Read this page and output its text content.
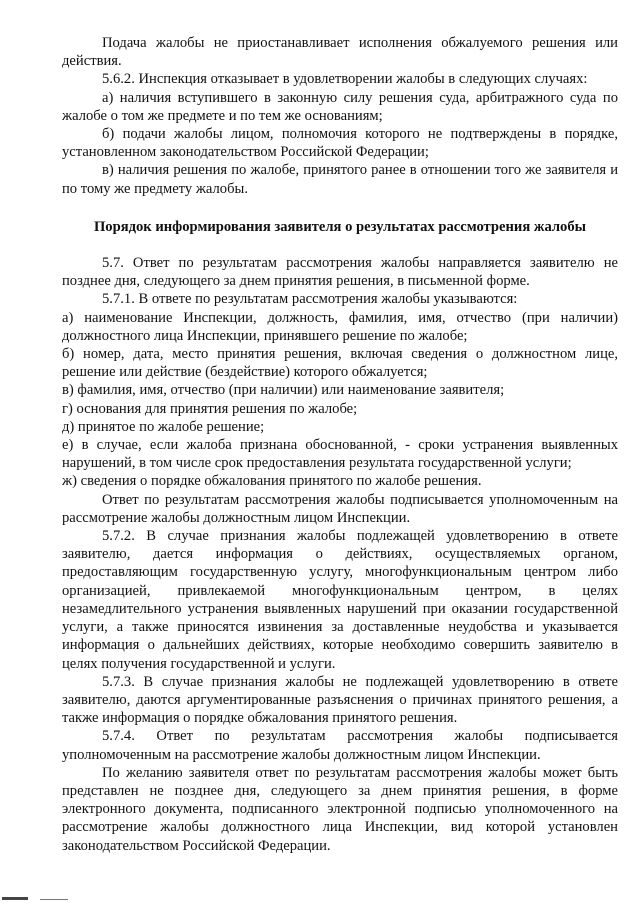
Подача жалобы не приостанавливает исполнения обжалуемого решения или действия.

5.6.2. Инспекция отказывает в удовлетворении жалобы в следующих случаях:

а) наличия вступившего в законную силу решения суда, арбитражного суда по жалобе о том же предмете и по тем же основаниям;

б) подачи жалобы лицом, полномочия которого не подтверждены в порядке, установленном законодательством Российской Федерации;

в) наличия решения по жалобе, принятого ранее в отношении того же заявителя и по тому же предмету жалобы.

Порядок информирования заявителя о результатах рассмотрения жалобы

5.7. Ответ по результатам рассмотрения жалобы направляется заявителю не позднее дня, следующего за днем принятия решения, в письменной форме.

5.7.1. В ответе по результатам рассмотрения жалобы указываются:

а) наименование Инспекции, должность, фамилия, имя, отчество (при наличии) должностного лица Инспекции, принявшего решение по жалобе;

б) номер, дата, место принятия решения, включая сведения о должностном лице, решение или действие (бездействие) которого обжалуется;

в) фамилия, имя, отчество (при наличии) или наименование заявителя;

г) основания для принятия решения по жалобе;

д) принятое по жалобе решение;

е) в случае, если жалоба признана обоснованной, - сроки устранения выявленных нарушений, в том числе срок предоставления результата государственной услуги;

ж) сведения о порядке обжалования принятого по жалобе решения.

Ответ по результатам рассмотрения жалобы подписывается уполномоченным на рассмотрение жалобы должностным лицом Инспекции.

5.7.2. В случае признания жалобы подлежащей удовлетворению в ответе заявителю, дается информация о действиях, осуществляемых органом, предоставляющим государственную услугу, многофункциональным центром либо организацией, привлекаемой многофункциональным центром, в целях незамедлительного устранения выявленных нарушений при оказании государственной услуги, а также приносятся извинения за доставленные неудобства и указывается информация о дальнейших действиях, которые необходимо совершить заявителю в целях получения государственной и услуги.

5.7.3. В случае признания жалобы не подлежащей удовлетворению в ответе заявителю, даются аргументированные разъяснения о причинах принятого решения, а также информация о порядке обжалования принятого решения.

5.7.4. Ответ по результатам рассмотрения жалобы подписывается уполномоченным на рассмотрение жалобы должностным лицом Инспекции.

По желанию заявителя ответ по результатам рассмотрения жалобы может быть представлен не позднее дня, следующего за днем принятия решения, в форме электронного документа, подписанного электронной подписью уполномоченного на рассмотрение жалобы должностного лица Инспекции, вид которой установлен законодательством Российской Федерации.
